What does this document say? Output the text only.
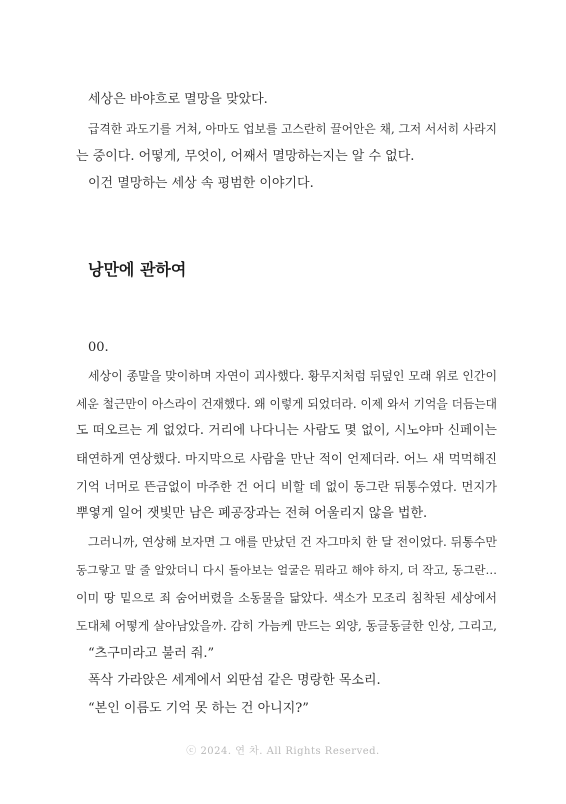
세상은 바야흐로 멸망을 맞았다.
급격한 과도기를 거쳐, 아마도 업보를 고스란히 끌어안은 채, 그저 서서히 사라지
는 중이다. 어떻게, 무엇이, 어째서 멸망하는지는 알 수 없다.
이건 멸망하는 세상 속 평범한 이야기다.
낭만에 관하여
00.
세상이 종말을 맞이하며 자연이 괴사했다. 황무지처럼 뒤덮인 모래 위로 인간이
세운 철근만이 아스라이 건재했다. 왜 이렇게 되었더라. 이제 와서 기억을 더듬는대
도 떠오르는 게 없었다. 거리에 나다니는 사람도 몇 없이, 시노야마 신페이는
태연하게 연상했다. 마지막으로 사람을 만난 적이 언제더라. 어느 새 먹먹해진
기억 너머로 뜬금없이 마주한 건 어디 비할 데 없이 동그란 뒤통수였다. 먼지가
뿌옇게 일어 잿빛만 남은 폐공장과는 전혀 어울리지 않을 법한.
그러니까, 연상해 보자면 그 애를 만났던 건 자그마치 한 달 전이었다. 뒤통수만
동그랗고 말 줄 알았더니 다시 돌아보는 얼굴은 뭐라고 해야 하지, 더 작고, 동그란…
이미 땅 밑으로 죄 숨어버렸을 소동물을 닮았다. 색소가 모조리 침착된 세상에서
도대체 어떻게 살아남았을까. 감히 가늠케 만드는 외양, 동글동글한 인상, 그리고,
“츠구미라고 불러 줘.”
폭삭 가라앉은 세계에서 외딴섬 같은 명랑한 목소리.
“본인 이름도 기억 못 하는 건 아니지?”
ⓒ 2024. 연 차. All Rights Reserved.
